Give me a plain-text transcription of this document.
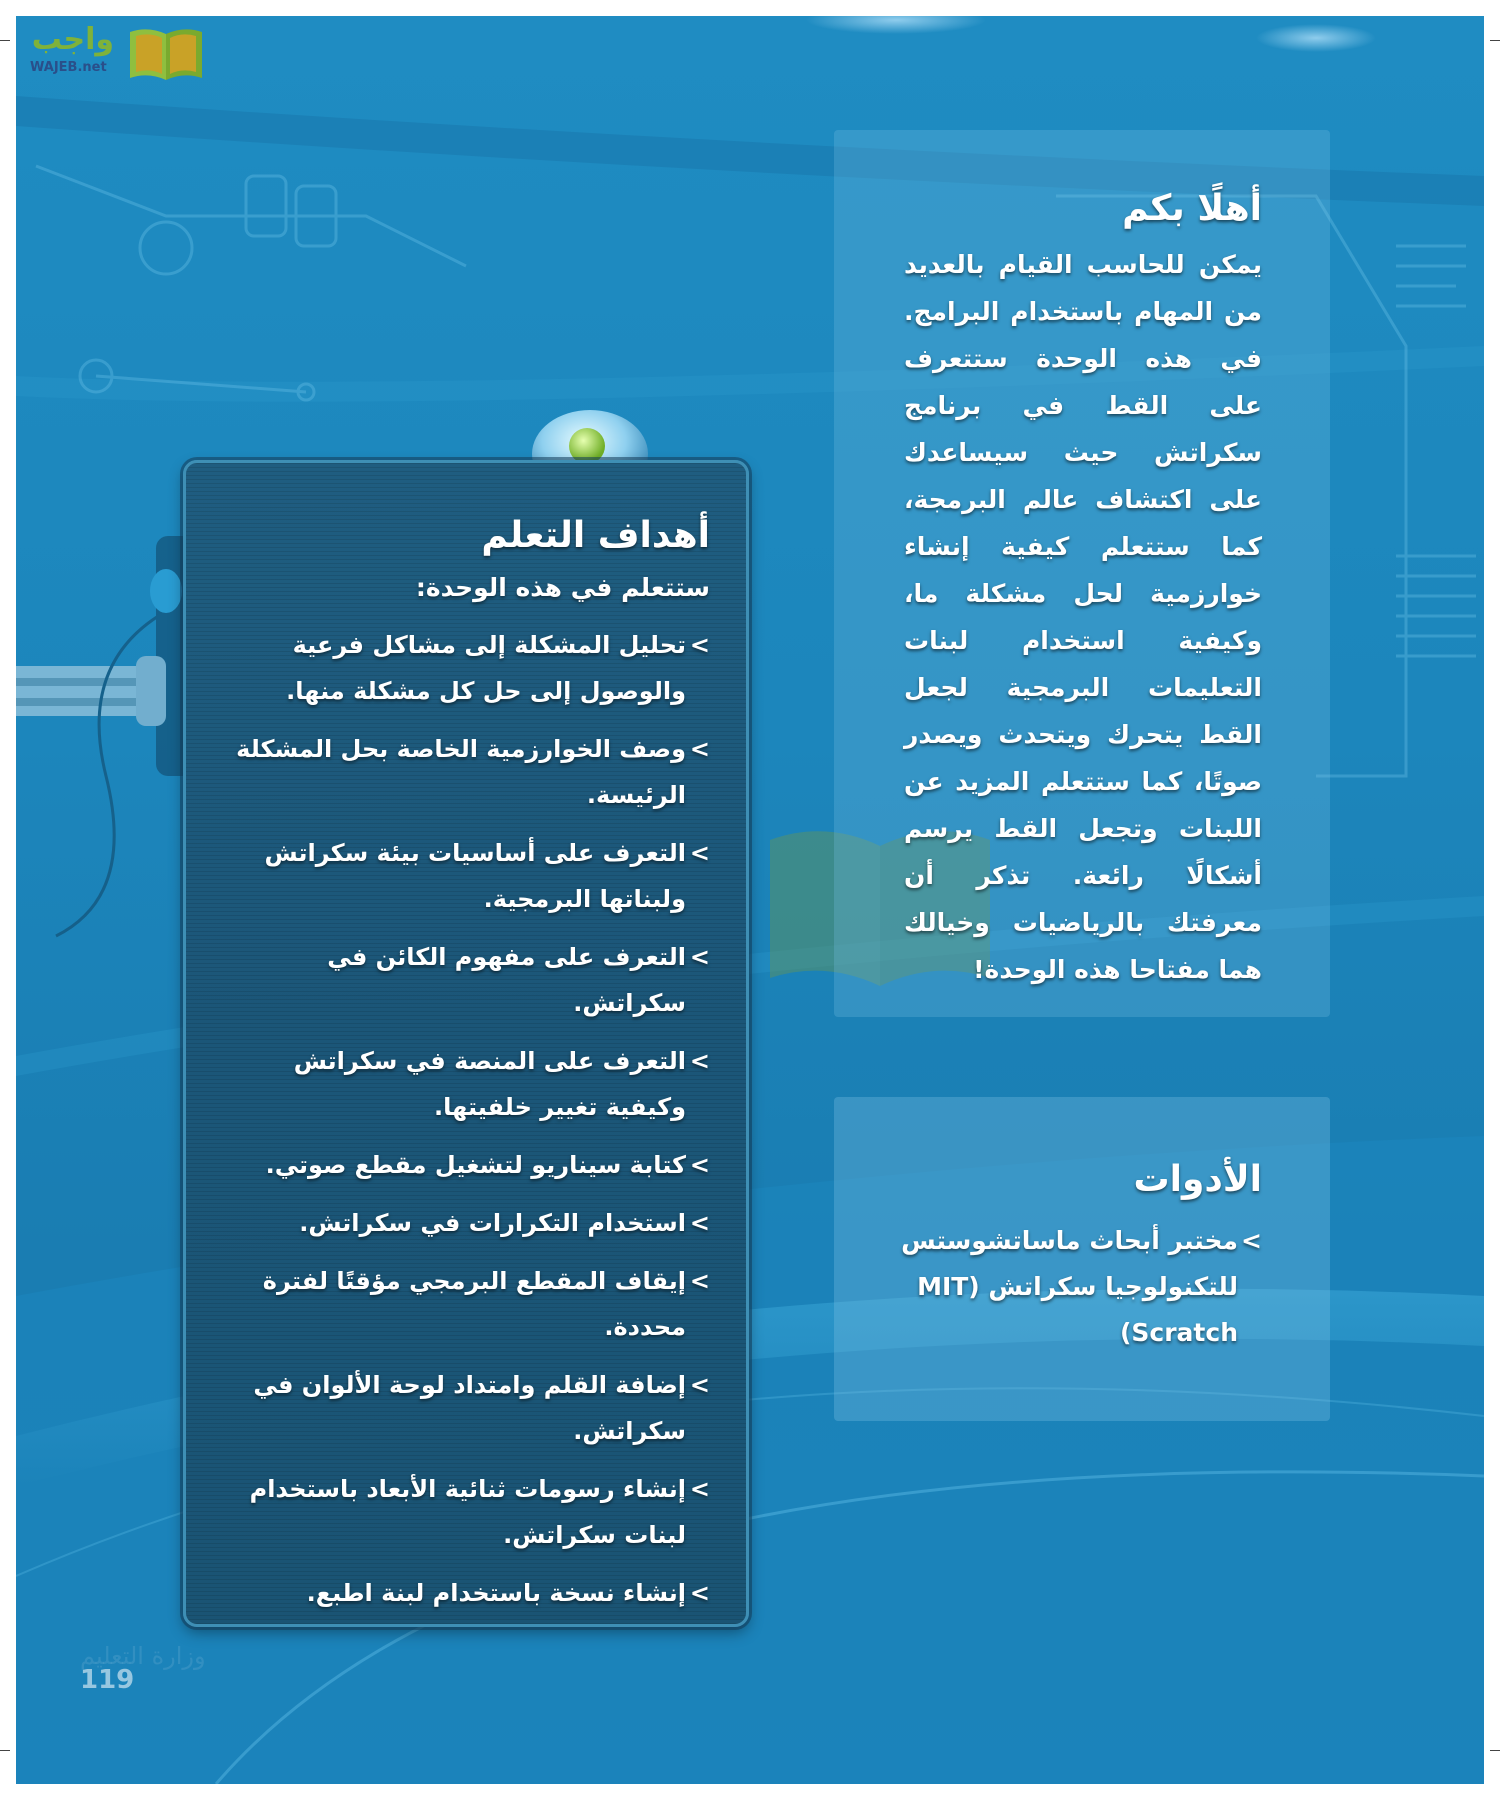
واجب
WAJEB.net
أهلًا بكم

يمكن للحاسب القيام بالعديد من المهام باستخدام البرامج. في هذه الوحدة ستتعرف على القط في برنامج سكراتش حيث سيساعدك على اكتشاف عالم البرمجة، كما ستتعلم كيفية إنشاء خوارزمية لحل مشكلة ما، وكيفية استخدام لبنات التعليمات البرمجية لجعل القط يتحرك ويتحدث ويصدر صوتًا، كما ستتعلم المزيد عن اللبنات وتجعل القط يرسم أشكالًا رائعة. تذكر أن معرفتك بالرياضيات وخيالك هما مفتاحا هذه الوحدة!

الأدوات
>
مختبر أبحاث ماساتشوستس للتكنولوجيا سكراتش (MIT Scratch)
أهداف التعلم
ستتعلم في هذه الوحدة:
>
تحليل المشكلة إلى مشاكل فرعية والوصول إلى حل كل مشكلة منها.
>
وصف الخوارزمية الخاصة بحل المشكلة الرئيسة.
>
التعرف على أساسيات بيئة سكراتش ولبناتها البرمجية.
>
التعرف على مفهوم الكائن في سكراتش.
>
التعرف على المنصة في سكراتش وكيفية تغيير خلفيتها.
>
كتابة سيناريو لتشغيل مقطع صوتي.
>
استخدام التكرارات في سكراتش.
>
إيقاف المقطع البرمجي مؤقتًا لفترة محددة.
>
إضافة القلم وامتداد لوحة الألوان في سكراتش.
>
إنشاء رسومات ثنائية الأبعاد باستخدام لبنات سكراتش.
>
إنشاء نسخة باستخدام لبنة اطبع.
وزارة التعليم
119
